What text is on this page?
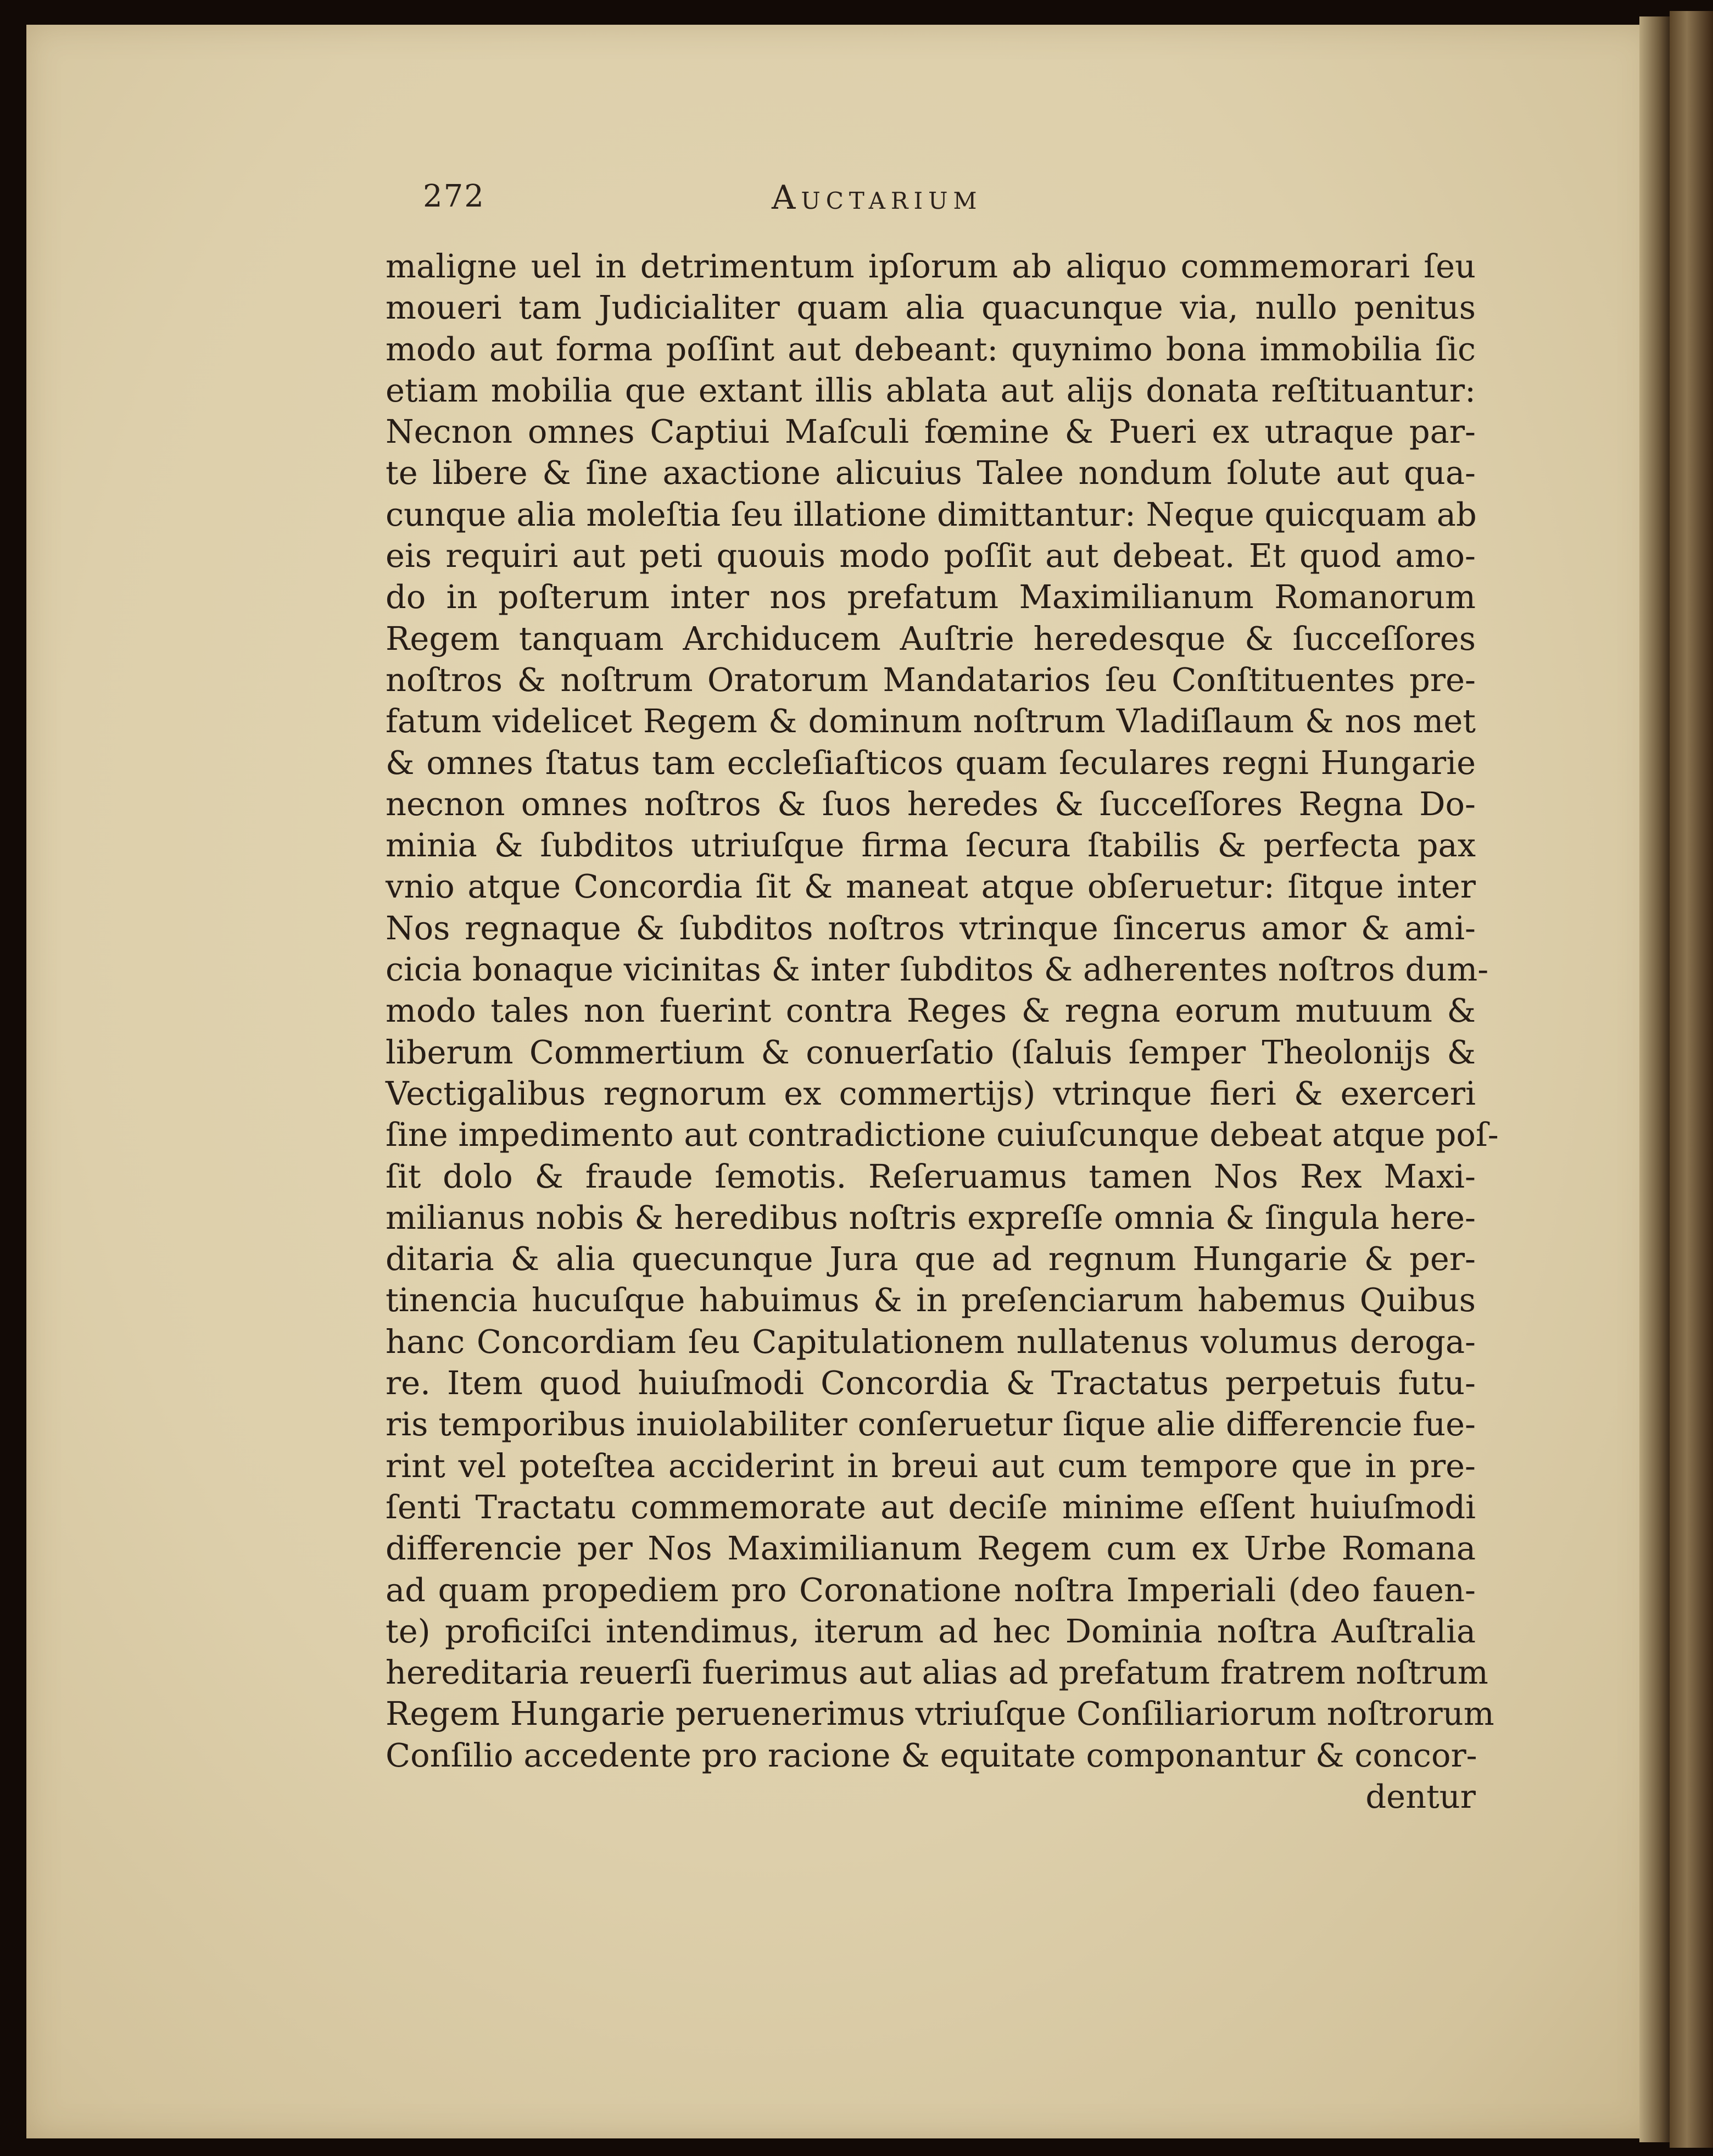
272	Auctarium
maligne uel in detrimentum ipſorum ab aliquo commemorari ſeu
moueri tam Judicialiter quam alia quacunque via, nullo penitus
modo aut forma poſſint aut debeant: quynimo bona immobilia ſic
etiam mobilia que extant illis ablata aut alijs donata reſtituantur:
Necnon omnes Captiui Maſculi fœmine & Pueri ex utraque par-
te libere & ſine axactione alicuius Talee nondum ſolute aut qua-
cunque alia moleſtia ſeu illatione dimittantur: Neque quicquam ab
eis requiri aut peti quouis modo poſſit aut debeat. Et quod amo-
do in poſterum inter nos prefatum Maximilianum Romanorum
Regem tanquam Archiducem Auſtrie heredesque & ſucceſſores
noſtros & noſtrum Oratorum Mandatarios ſeu Conſtituentes pre-
fatum videlicet Regem & dominum noſtrum Vladiſlaum & nos met
& omnes ſtatus tam eccleſiaſticos quam ſeculares regni Hungarie
necnon omnes noſtros & ſuos heredes & ſucceſſores Regna Do-
minia & ſubditos utriuſque firma ſecura ſtabilis & perfecta pax
vnio atque Concordia ſit & maneat atque obſeruetur: ſitque inter
Nos regnaque & ſubditos noſtros vtrinque ſincerus amor & ami-
cicia bonaque vicinitas & inter ſubditos & adherentes noſtros dum-
modo tales non fuerint contra Reges & regna eorum mutuum &
liberum Commertium & conuerſatio (ſaluis ſemper Theolonijs &
Vectigalibus regnorum ex commertijs) vtrinque fieri & exerceri
ſine impedimento aut contradictione cuiuſcunque debeat atque poſ-
ſit dolo & fraude ſemotis. Reſeruamus tamen Nos Rex Maxi-
milianus nobis & heredibus noſtris expreſſe omnia & ſingula here-
ditaria & alia quecunque Jura que ad regnum Hungarie & per-
tinencia hucuſque habuimus & in preſenciarum habemus Quibus
hanc Concordiam ſeu Capitulationem nullatenus volumus deroga-
re. Item quod huiuſmodi Concordia & Tractatus perpetuis futu-
ris temporibus inuiolabiliter conſeruetur ſique alie differencie fue-
rint vel poteſtea acciderint in breui aut cum tempore que in pre-
ſenti Tractatu commemorate aut deciſe minime eſſent huiuſmodi
differencie per Nos Maximilianum Regem cum ex Urbe Romana
ad quam propediem pro Coronatione noſtra Imperiali (deo fauen-
te) proficiſci intendimus, iterum ad hec Dominia noſtra Auſtralia
hereditaria reuerſi fuerimus aut alias ad prefatum fratrem noſtrum
Regem Hungarie peruenerimus vtriuſque Conſiliariorum noſtrorum
Conſilio accedente pro racione & equitate componantur & concor-
dentur
